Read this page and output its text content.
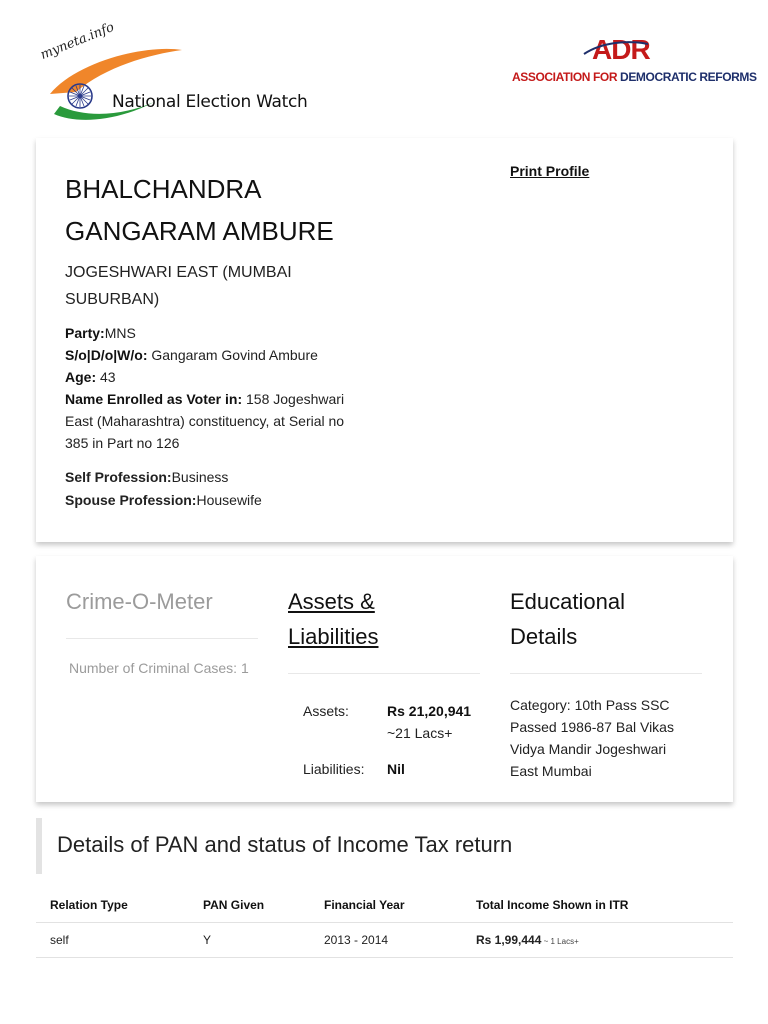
myneta.info
National Election Watch
ADR
ASSOCIATION FOR DEMOCRATIC REFORMS
Print Profile
BHALCHANDRA
GANGARAM AMBURE
JOGESHWARI EAST (MUMBAI SUBURBAN)
Party:MNS
S/o|D/o|W/o: Gangaram Govind Ambure
Age: 43
Name Enrolled as Voter in: 158 Jogeshwari East (Maharashtra) constituency, at Serial no 385 in Part no 126
Self Profession:Business
Spouse Profession:Housewife
Crime-O-Meter
Number of Criminal Cases: 1
Assets & Liabilities
Assets:	Rs 21,20,941
~21 Lacs+
Liabilities: Nil
Educational Details
Category: 10th Pass SSC Passed 1986-87 Bal Vikas Vidya Mandir Jogeshwari East Mumbai
Details of PAN and status of Income Tax return
Relation Type	PAN Given	Financial Year	Total Income Shown in ITR
self	Y	2013 - 2014	Rs 1,99,444 ~ 1 Lacs+
